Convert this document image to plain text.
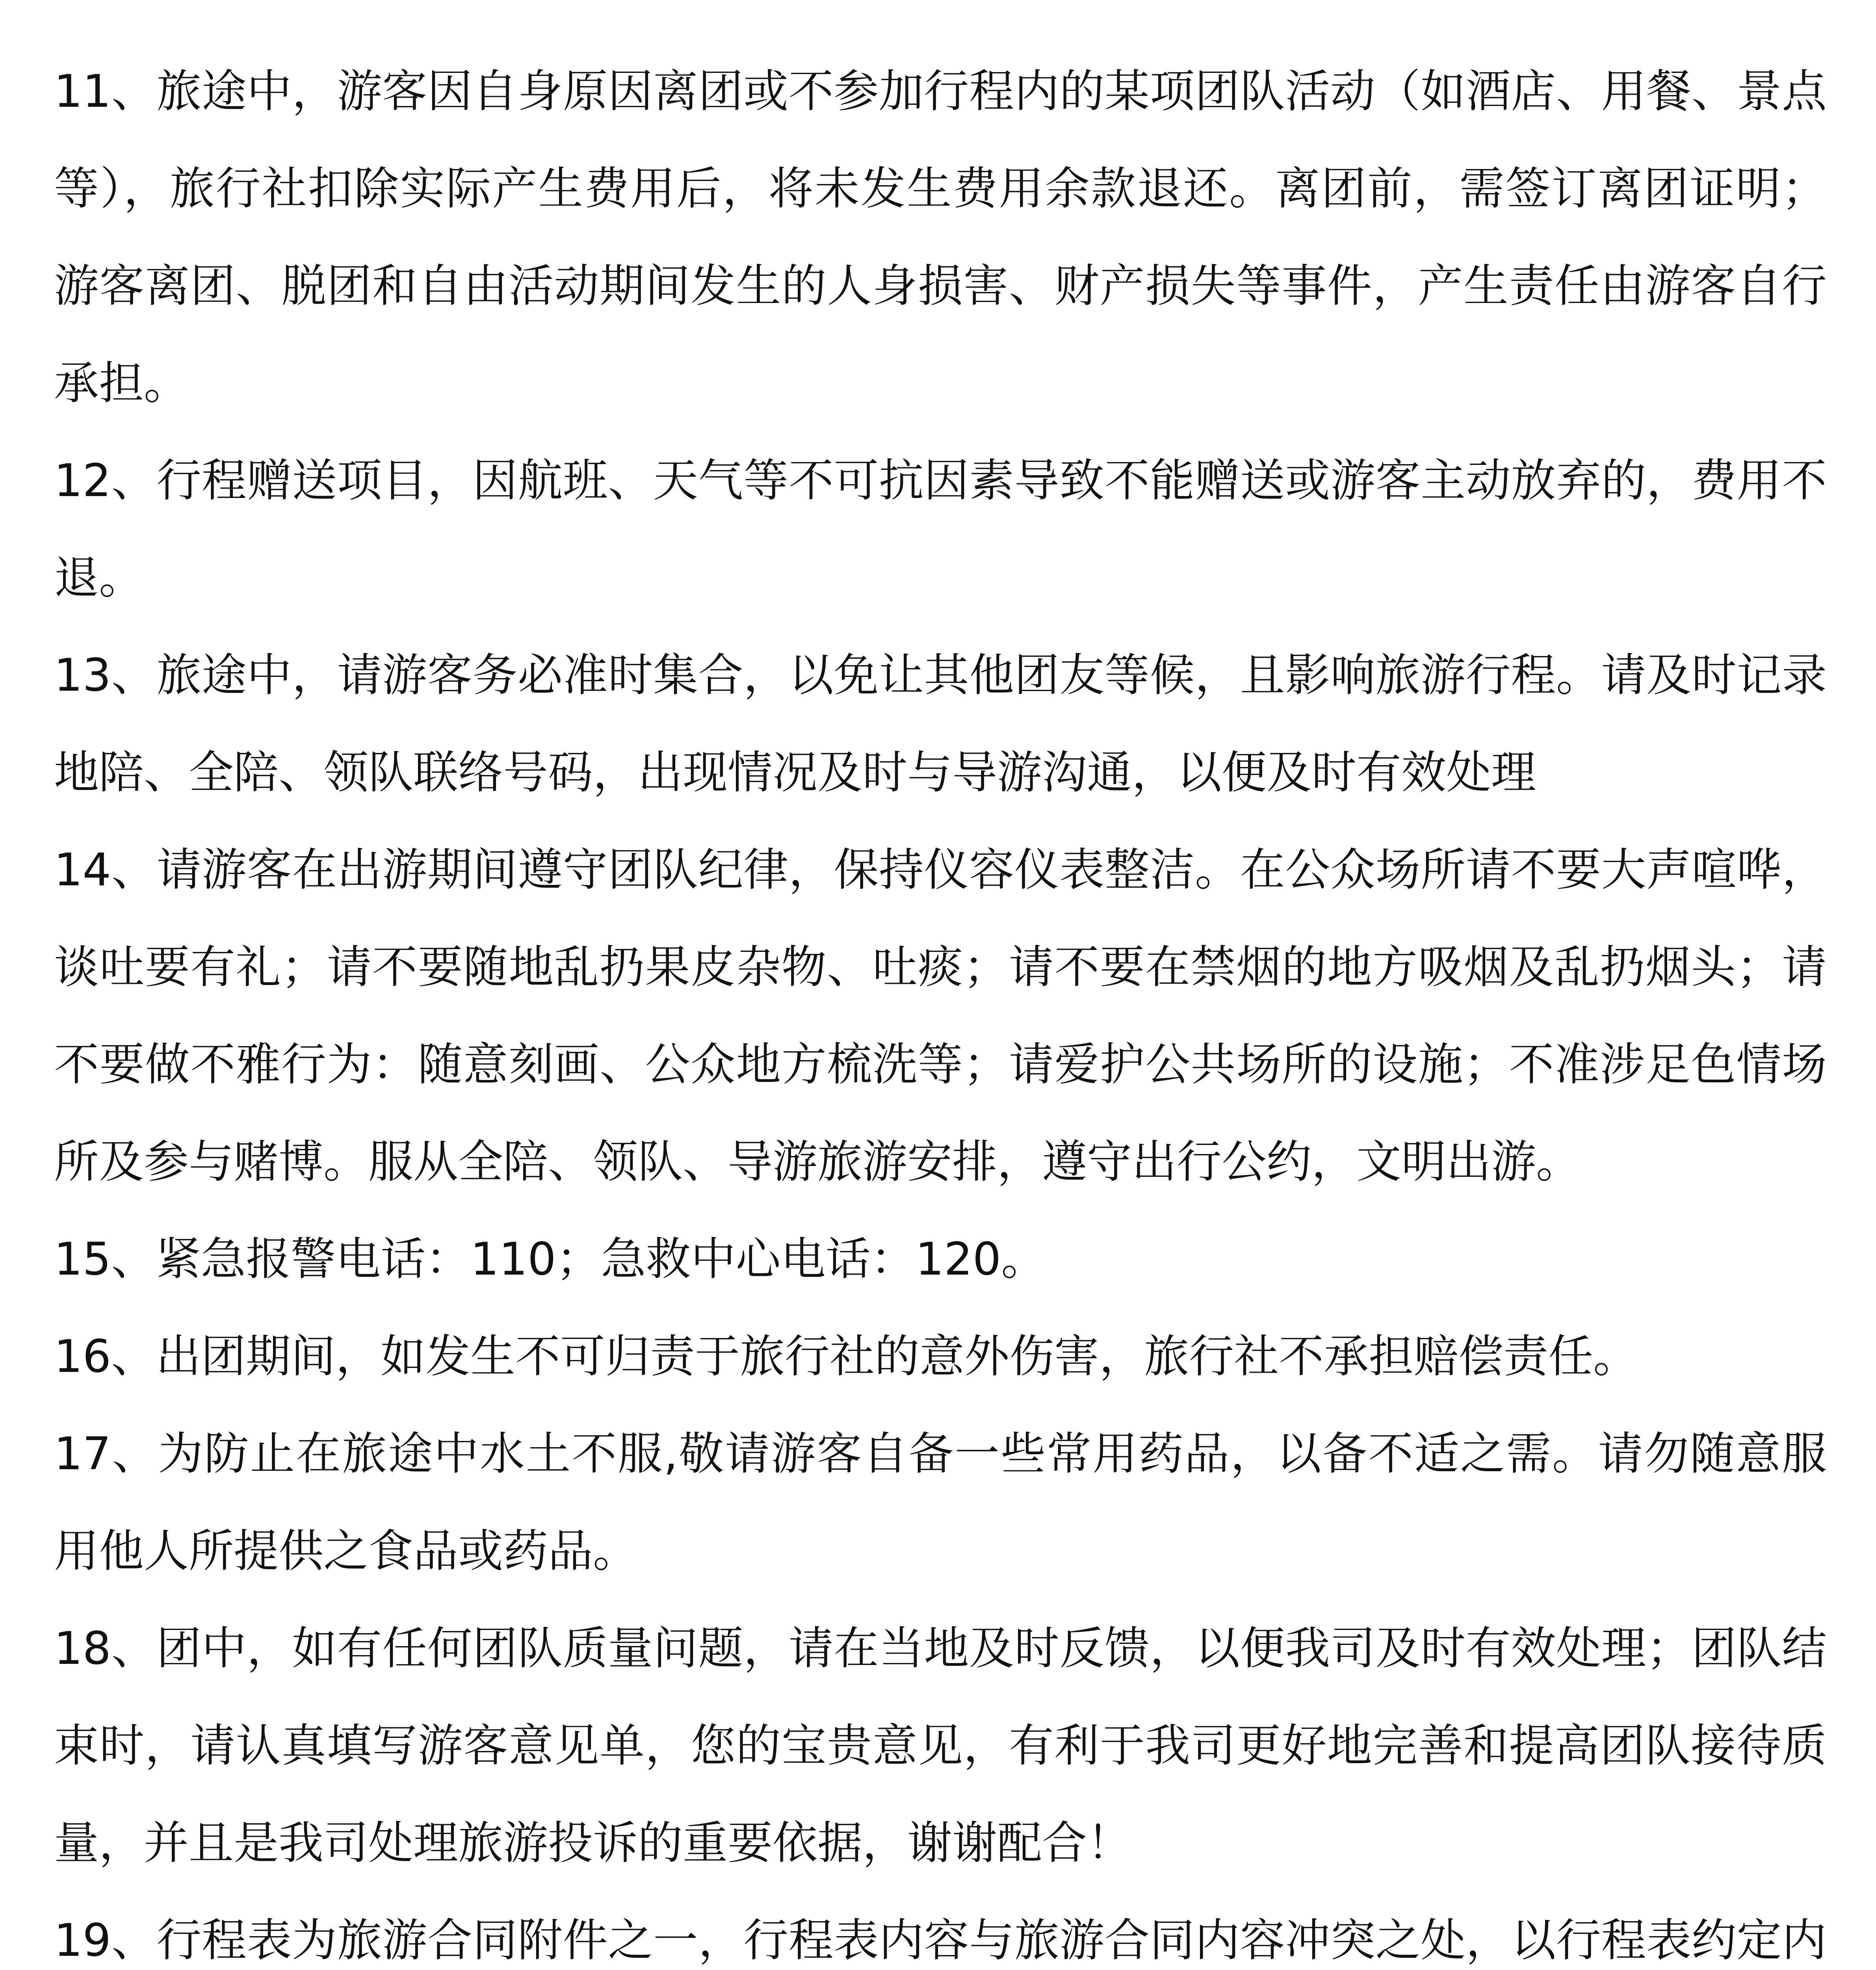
11、旅途中，游客因自身原因离团或不参加行程内的某项团队活动（如酒店、用餐、景点等），旅行社扣除实际产生费用后，将未发生费用余款退还。离团前，需签订离团证明；游客离团、脱团和自由活动期间发生的人身损害、财产损失等事件，产生责任由游客自行承担。
12、行程赠送项目，因航班、天气等不可抗因素导致不能赠送或游客主动放弃的，费用不退。
13、旅途中，请游客务必准时集合，以免让其他团友等候，且影响旅游行程。请及时记录地陪、全陪、领队联络号码，出现情况及时与导游沟通，以便及时有效处理
14、请游客在出游期间遵守团队纪律，保持仪容仪表整洁。在公众场所请不要大声喧哗，谈吐要有礼；请不要随地乱扔果皮杂物、吐痰；请不要在禁烟的地方吸烟及乱扔烟头；请不要做不雅行为：随意刻画、公众地方梳洗等；请爱护公共场所的设施；不准涉足色情场所及参与赌博。服从全陪、领队、导游旅游安排，遵守出行公约，文明出游。
15、紧急报警电话：110；急救中心电话：120。
16、出团期间，如发生不可归责于旅行社的意外伤害，旅行社不承担赔偿责任。
17、为防止在旅途中水土不服,敬请游客自备一些常用药品，以备不适之需。请勿随意服用他人所提供之食品或药品。
18、团中，如有任何团队质量问题，请在当地及时反馈，以便我司及时有效处理；团队结束时，请认真填写游客意见单，您的宝贵意见，有利于我司更好地完善和提高团队接待质量，并且是我司处理旅游投诉的重要依据，谢谢配合！
19、行程表为旅游合同附件之一，行程表内容与旅游合同内容冲突之处，以行程表约定内
